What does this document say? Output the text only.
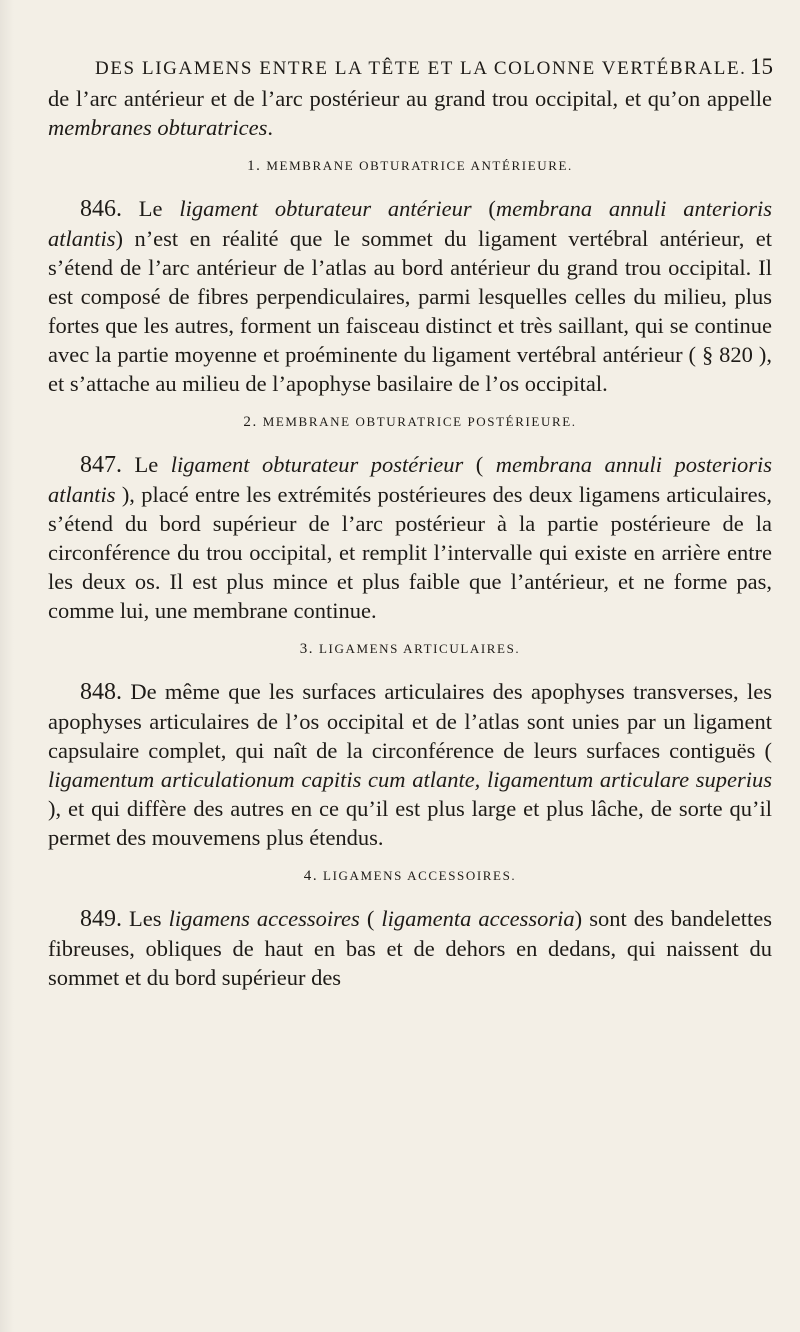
DES LIGAMENS ENTRE LA TÊTE ET LA COLONNE VERTÉBRALE. 15

de l’arc antérieur et de l’arc postérieur au grand trou occipital, et qu’on appelle membranes obturatrices.

1. MEMBRANE OBTURATRICE ANTÉRIEURE.

846. Le ligament obturateur antérieur (membrana annuli anterioris atlantis) n’est en réalité que le sommet du ligament vertébral antérieur, et s’étend de l’arc antérieur de l’atlas au bord antérieur du grand trou occipital. Il est composé de fibres perpendiculaires, parmi lesquelles celles du milieu, plus fortes que les autres, forment un faisceau distinct et très saillant, qui se continue avec la partie moyenne et proéminente du ligament vertébral antérieur ( § 820 ), et s’attache au milieu de l’apophyse basilaire de l’os occipital.

2. MEMBRANE OBTURATRICE POSTÉRIEURE.

847. Le ligament obturateur postérieur ( membrana annuli posterioris atlantis ), placé entre les extrémités postérieures des deux ligamens articulaires, s’étend du bord supérieur de l’arc postérieur à la partie postérieure de la circonférence du trou occipital, et remplit l’intervalle qui existe en arrière entre les deux os. Il est plus mince et plus faible que l’antérieur, et ne forme pas, comme lui, une membrane continue.

3. LIGAMENS ARTICULAIRES.

848. De même que les surfaces articulaires des apophyses transverses, les apophyses articulaires de l’os occipital et de l’atlas sont unies par un ligament capsulaire complet, qui naît de la circonférence de leurs surfaces contiguës ( ligamentum articulationum capitis cum atlante, ligamentum articulare superius ), et qui diffère des autres en ce qu’il est plus large et plus lâche, de sorte qu’il permet des mouvemens plus étendus.

4. LIGAMENS ACCESSOIRES.

849. Les ligamens accessoires ( ligamenta accessoria) sont des bandelettes fibreuses, obliques de haut en bas et de dehors en dedans, qui naissent du sommet et du bord supérieur des
